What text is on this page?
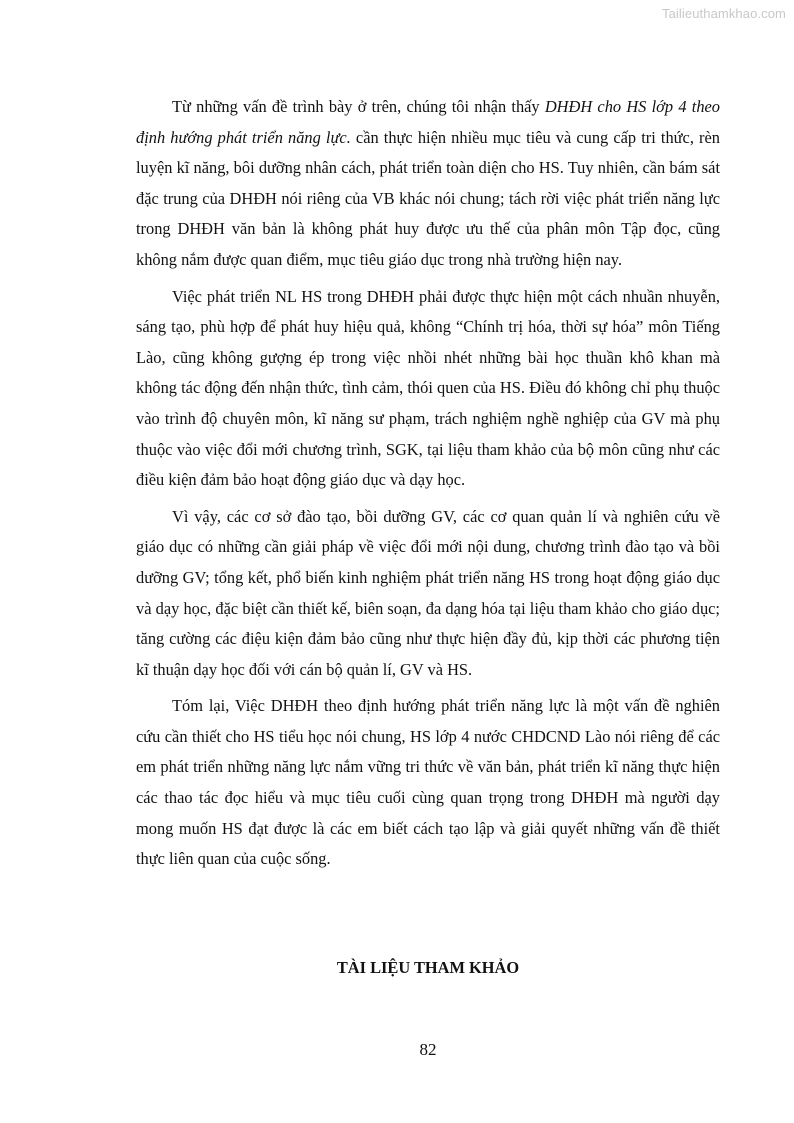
Tailieuthamkhao.com

Từ những vấn đề trình bày ở trên, chúng tôi nhận thấy DHĐH cho HS lớp 4 theo định hướng phát triển năng lực. cần thực hiện nhiều mục tiêu và cung cấp tri thức, rèn luyện kĩ năng, bôi dưỡng nhân cách, phát triển toàn diện cho HS. Tuy nhiên, cần bám sát đặc trung của DHĐH nói riêng của VB khác nói chung; tách rời việc phát triển năng lực trong DHĐH văn bản là không phát huy được ưu thế của phân môn Tập đọc, cũng không nắm được quan điểm, mục tiêu giáo dục trong nhà trường hiện nay.

Việc phát triển NL HS trong DHĐH phải được thực hiện một cách nhuần nhuyễn, sáng tạo, phù hợp để phát huy hiệu quả, không “Chính trị hóa, thời sự hóa” môn Tiếng Lào, cũng không gượng ép trong việc nhồi nhét những bài học thuần khô khan mà không tác động đến nhận thức, tình cảm, thói quen của HS. Điều đó không chỉ phụ thuộc vào trình độ chuyên môn, kĩ năng sư phạm, trách nghiệm nghề nghiệp của GV mà phụ thuộc vào việc đổi mới chương trình, SGK, tại liệu tham khảo của bộ môn cũng như các điều kiện đảm bảo hoạt động giáo dục và dạy học.

Vì vậy, các cơ sở đào tạo, bồi dưỡng GV, các cơ quan quản lí và nghiên cứu về giáo dục có những cần giải pháp về việc đổi mới nội dung, chương trình đào tạo và bồi dưỡng GV; tổng kết, phổ biến kinh nghiệm phát triển năng HS trong hoạt động giáo dục và dạy học, đặc biệt cần thiết kế, biên soạn, đa dạng hóa tại liệu tham khảo cho giáo dục; tăng cường các điệu kiện đảm bảo cũng như thực hiện đầy đủ, kịp thời các phương tiện kĩ thuận dạy học đối với cán bộ quản lí, GV và HS.

Tóm lại, Việc DHĐH theo định hướng phát triển năng lực là một vấn đề nghiên cứu cần thiết cho HS tiểu học nói chung, HS lớp 4 nước CHDCND Lào nói riêng để các em phát triển những năng lực nắm vững tri thức về văn bản, phát triển kĩ năng thực hiện các thao tác đọc hiểu và mục tiêu cuối cùng quan trọng trong DHĐH mà người dạy mong muốn HS đạt được là các em biết cách tạo lập và giải quyết những vấn đề thiết thực liên quan của cuộc sống.

TÀI LIỆU THAM KHẢO

82
